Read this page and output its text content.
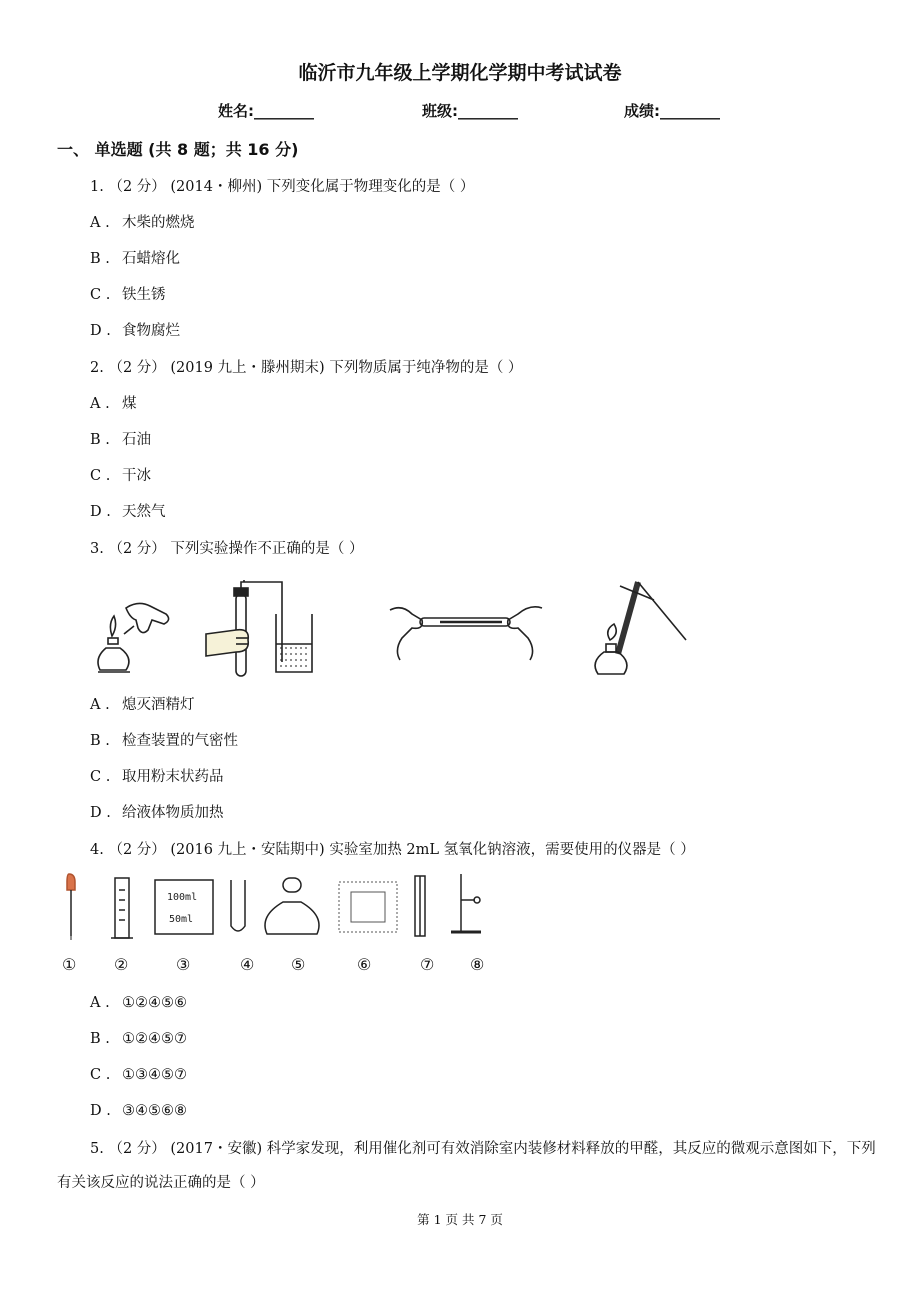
临沂市九年级上学期化学期中考试试卷
姓名:________	班级:________	成绩:________
一、 单选题 (共 8 题；共 16 分)
1. （2 分） (2014・柳州) 下列变化属于物理变化的是（ ）
A . 木柴的燃烧
B . 石蜡熔化
C . 铁生锈
D . 食物腐烂
2. （2 分） (2019 九上・滕州期末) 下列物质属于纯净物的是（ ）
A . 煤
B . 石油
C . 干冰
D . 天然气
3. （2 分） 下列实验操作不正确的是（ ）
A . 熄灭酒精灯
B . 检查装置的气密性
C . 取用粉末状药品
D . 给液体物质加热
4. （2 分） (2016 九上・安陆期中) 实验室加热 2mL 氢氧化钠溶液，需要使用的仪器是（ ）
100ml
50ml
①	②	③	④	⑤	⑥	⑦	⑧
A . ①②④⑤⑥
B . ①②④⑤⑦
C . ①③④⑤⑦
D . ③④⑤⑥⑧
5. （2 分） (2017・安徽) 科学家发现，利用催化剂可有效消除室内装修材料释放的甲醛，其反应的微观示意图如下，下列有关该反应的说法正确的是（ ）
第 1 页 共 7 页
